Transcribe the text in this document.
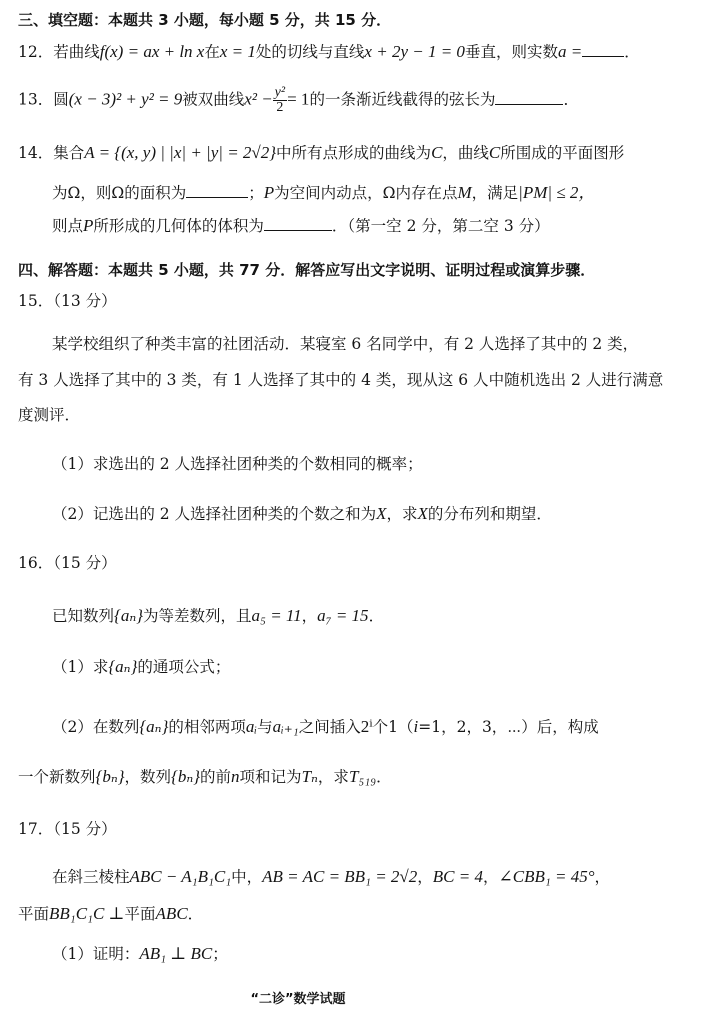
三、填空题：本题共 3 小题，每小题 5 分，共 15 分．
12．若曲线f(x) = ax + ln x在x = 1处的切线与直线x + 2y − 1 = 0垂直，则实数a =	．
13．圆(x − 3)² + y² = 9被双曲线$x^2 - \frac{\text{y²}}{2} = 1$的一条渐近线截得的弦长为	．
14．集合A = {(x, y) | |x| + |y| = 2√2}中所有点形成的曲线为C，曲线C所围成的平面图形
为Ω，则Ω的面积为	；P为空间内动点，Ω内存在点M，满足|PM| ≤ 2，
则点P所形成的几何体的体积为	．（第一空 2 分，第二空 3 分）
四、解答题：本题共 5 小题，共 77 分．解答应写出文字说明、证明过程或演算步骤．
15．（13 分）
某学校组织了种类丰富的社团活动．某寝室 6 名同学中，有 2 人选择了其中的 2 类，
有 3 人选择了其中的 3 类，有 1 人选择了其中的 4 类，现从这 6 人中随机选出 2 人进行满意
度测评．
（1）求选出的 2 人选择社团种类的个数相同的概率；
（2）记选出的 2 人选择社团种类的个数之和为X，求X的分布列和期望．
16．（15 分）
已知数列{aₙ}为等差数列，且a₅ = 11，a₇ = 15．
（1）求{aₙ}的通项公式；
（2）在数列{aₙ}的相邻两项aᵢ与aᵢ₊₁之间插入2ⁱ个1（i=1，2，3，⋯）后，构成
一个新数列{bₙ}，数列{bₙ}的前n项和记为Tₙ，求T₅₁₉．
17．（15 分）
在斜三棱柱ABC − A₁B₁C₁中，AB = AC = BB₁ = 2√2，BC = 4，∠CBB₁ = 45°，
平面BB₁C₁C ⊥平面ABC．
（1）证明：AB₁ ⊥ BC；
“二诊”数学试题
